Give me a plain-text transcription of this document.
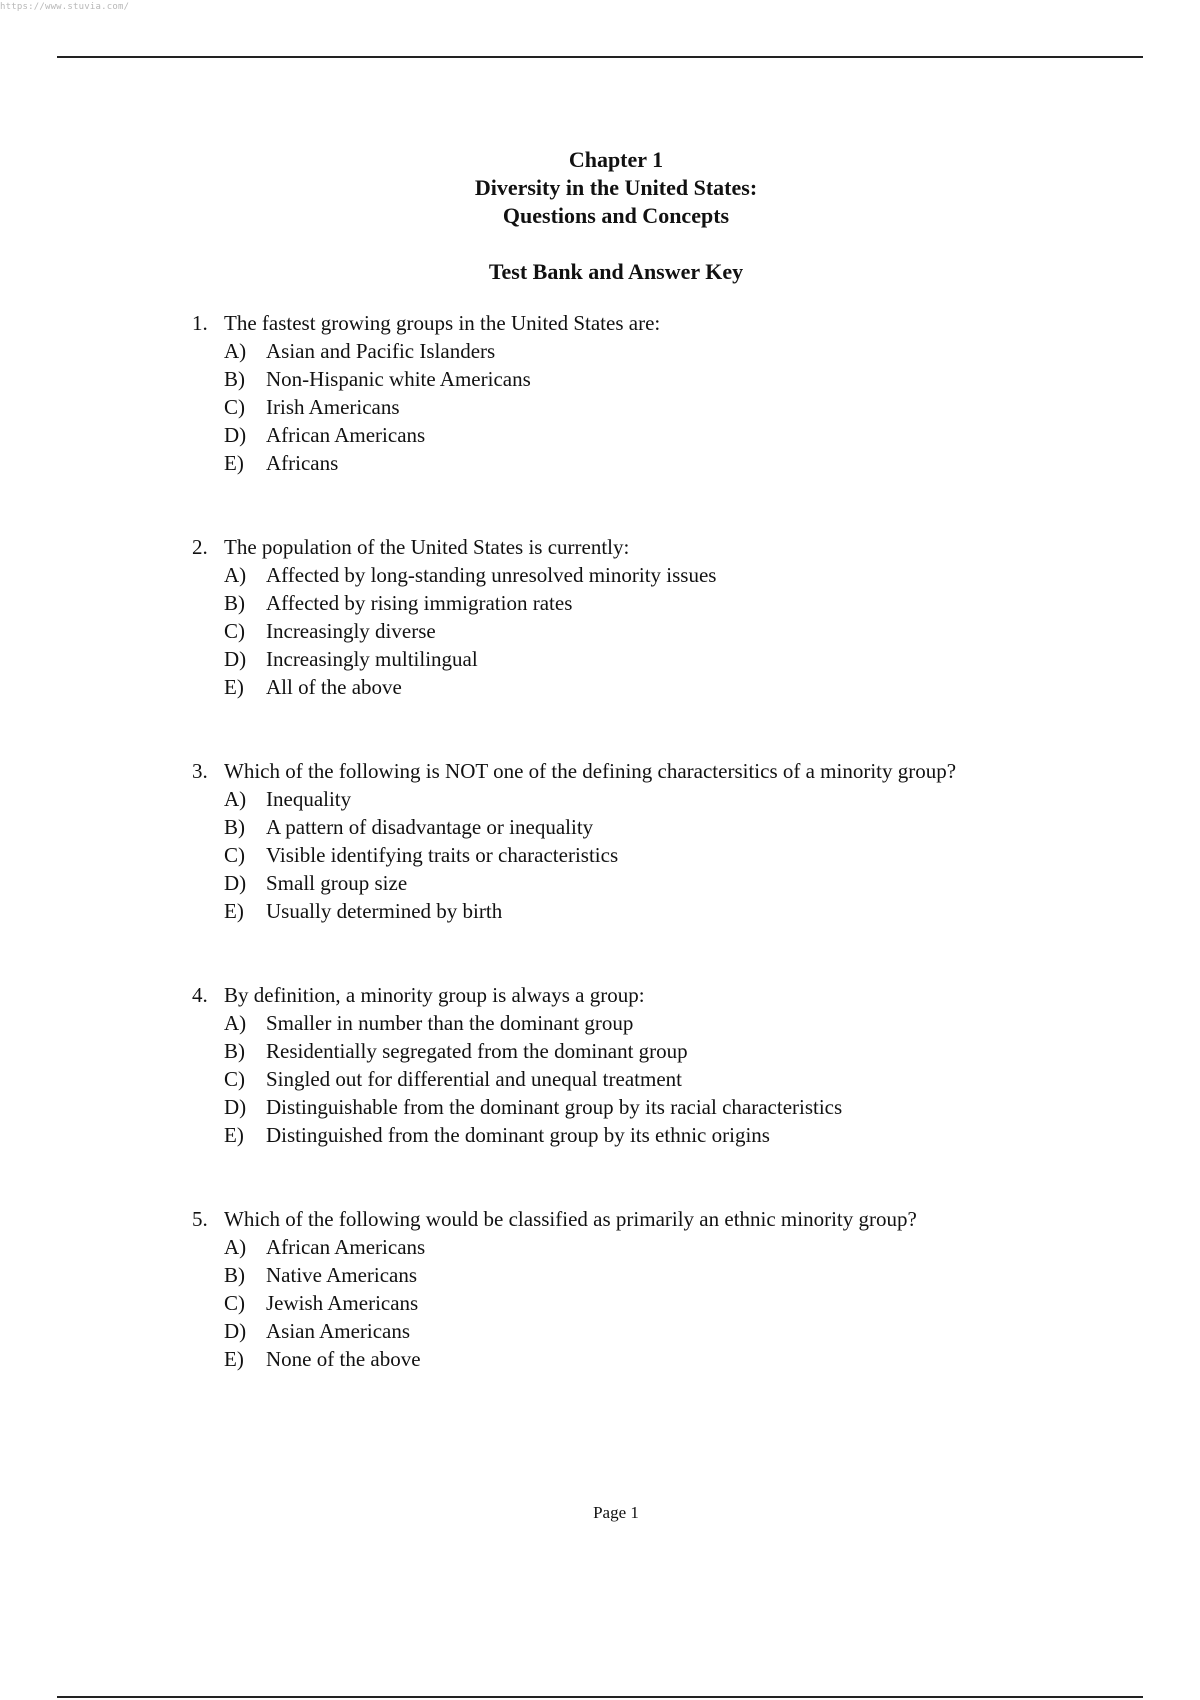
https://www.stuvia.com/
Chapter 1
Diversity in the United States:
Questions and Concepts
Test Bank and Answer Key
1. The fastest growing groups in the United States are:
A) Asian and Pacific Islanders
B)	Non-Hispanic white Americans
C)	Irish Americans
D) African Americans
E)	Africans
2. The population of the United States is currently:
A) Affected by long-standing unresolved minority issues
B)	Affected by rising immigration rates
C)	Increasingly diverse
D) Increasingly multilingual
E)	All of the above
3. Which of the following is NOT one of the defining charactersitics of a minority group?
A) Inequality
B)	A pattern of disadvantage or inequality
C)	Visible identifying traits or characteristics
D) Small group size
E)	Usually determined by birth
4. By definition, a minority group is always a group:
A) Smaller in number than the dominant group
B)	Residentially segregated from the dominant group
C)	Singled out for differential and unequal treatment
D) Distinguishable from the dominant group by its racial characteristics
E)	Distinguished from the dominant group by its ethnic origins
5. Which of the following would be classified as primarily an ethnic minority group?
A) African Americans
B)	Native Americans
C)	Jewish Americans
D) Asian Americans
E)	None of the above
Page 1
